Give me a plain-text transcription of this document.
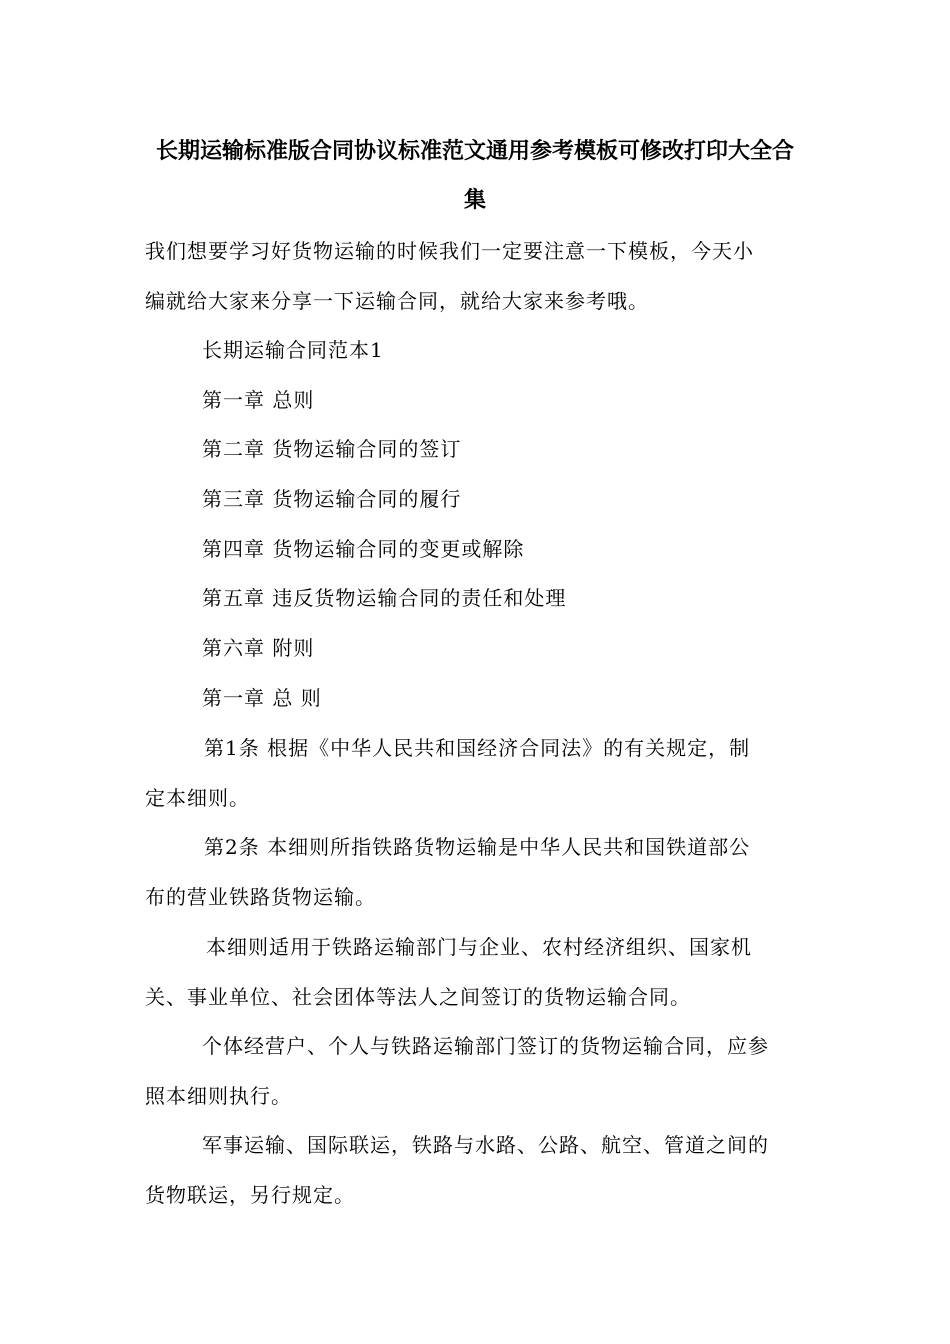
长期运输标准版合同协议标准范文通用参考模板可修改打印大全合
集
我们想要学习好货物运输的时候我们一定要注意一下模板，今天小
编就给大家来分享一下运输合同，就给大家来参考哦。
长期运输合同范本1
第一章 总则
第二章 货物运输合同的签订
第三章 货物运输合同的履行
第四章 货物运输合同的变更或解除
第五章 违反货物运输合同的责任和处理
第六章 附则
第一章 总 则
第1条 根据《中华人民共和国经济合同法》的有关规定，制
定本细则。
第2条 本细则所指铁路货物运输是中华人民共和国铁道部公
布的营业铁路货物运输。
本细则适用于铁路运输部门与企业、农村经济组织、国家机
关、事业单位、社会团体等法人之间签订的货物运输合同。
个体经营户、个人与铁路运输部门签订的货物运输合同，应参
照本细则执行。
军事运输、国际联运，铁路与水路、公路、航空、管道之间的
货物联运，另行规定。
